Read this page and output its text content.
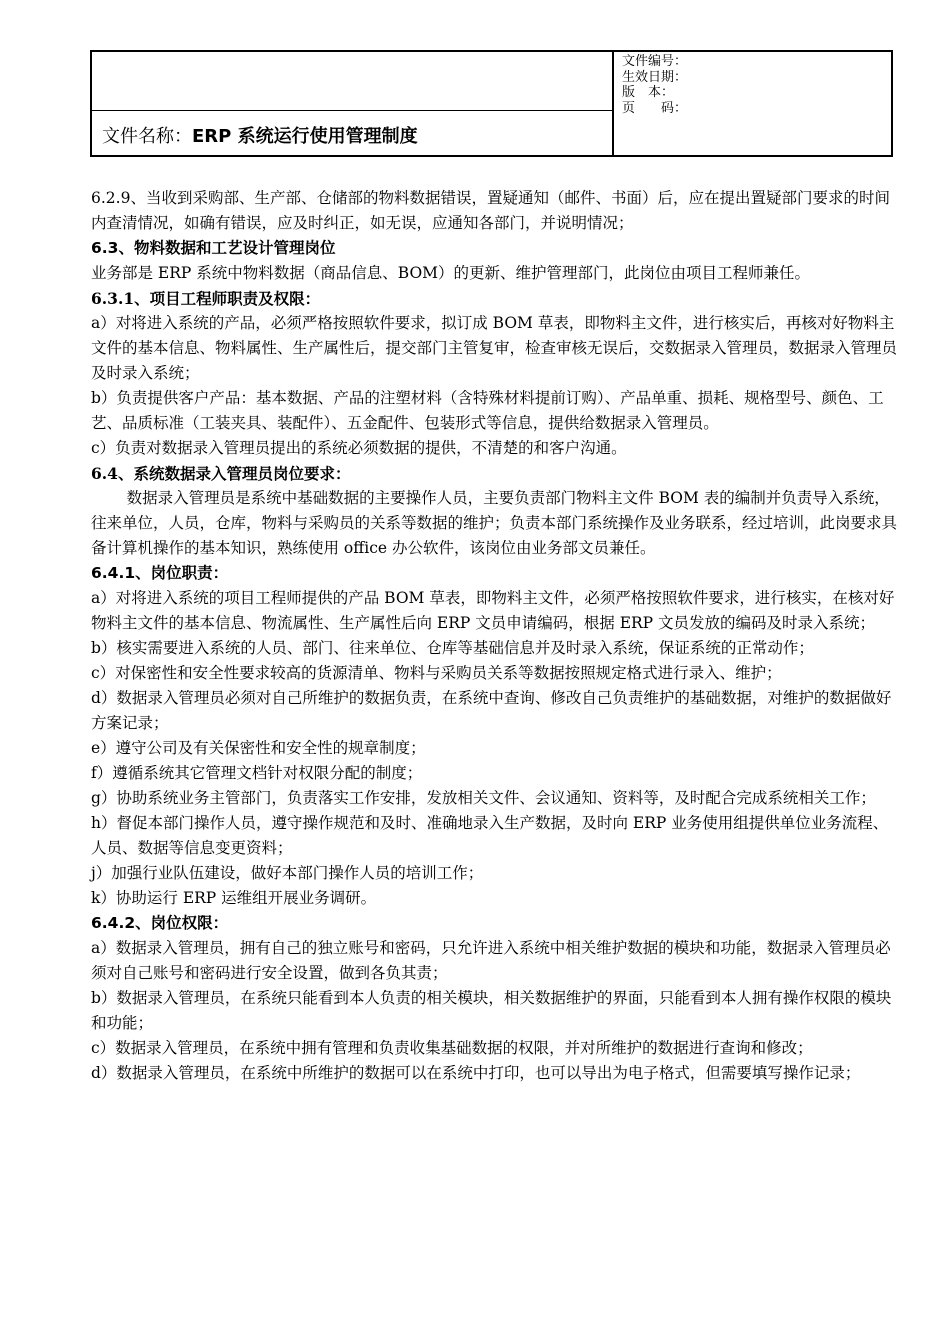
文件名称：ERP 系统运行使用管理制度
文件编号：
生效日期：
版　本：
页　　码：

6.2.9、当收到采购部、生产部、仓储部的物料数据错误，置疑通知（邮件、书面）后，应在提出置疑部门要求的时间内查清情况，如确有错误，应及时纠正，如无误，应通知各部门，并说明情况；

6.3、物料数据和工艺设计管理岗位

业务部是 ERP 系统中物料数据（商品信息、BOM）的更新、维护管理部门，此岗位由项目工程师兼任。

6.3.1、项目工程师职责及权限：

a）对将进入系统的产品，必须严格按照软件要求，拟订成 BOM 草表，即物料主文件，进行核实后，再核对好物料主文件的基本信息、物料属性、生产属性后，提交部门主管复审，检查审核无误后，交数据录入管理员，数据录入管理员及时录入系统；

b）负责提供客户产品：基本数据、产品的注塑材料（含特殊材料提前订购）、产品单重、损耗、规格型号、颜色、工艺、品质标准（工装夹具、装配件）、五金配件、包装形式等信息，提供给数据录入管理员。

c）负责对数据录入管理员提出的系统必须数据的提供，不清楚的和客户沟通。

6.4、系统数据录入管理员岗位要求：

数据录入管理员是系统中基础数据的主要操作人员，主要负责部门物料主文件 BOM 表的编制并负责导入系统，往来单位，人员，仓库，物料与采购员的关系等数据的维护；负责本部门系统操作及业务联系，经过培训，此岗要求具备计算机操作的基本知识，熟练使用 office 办公软件，该岗位由业务部文员兼任。

6.4.1、岗位职责：

a）对将进入系统的项目工程师提供的产品 BOM 草表，即物料主文件，必须严格按照软件要求，进行核实，在核对好物料主文件的基本信息、物流属性、生产属性后向 ERP 文员申请编码，根据 ERP 文员发放的编码及时录入系统；

b）核实需要进入系统的人员、部门、往来单位、仓库等基础信息并及时录入系统，保证系统的正常动作；

c）对保密性和安全性要求较高的货源清单、物料与采购员关系等数据按照规定格式进行录入、维护；

d）数据录入管理员必须对自己所维护的数据负责，在系统中查询、修改自己负责维护的基础数据，对维护的数据做好方案记录；

e）遵守公司及有关保密性和安全性的规章制度；

f）遵循系统其它管理文档针对权限分配的制度；

g）协助系统业务主管部门，负责落实工作安排，发放相关文件、会议通知、资料等，及时配合完成系统相关工作；

h）督促本部门操作人员，遵守操作规范和及时、准确地录入生产数据，及时向 ERP 业务使用组提供单位业务流程、人员、数据等信息变更资料；

j）加强行业队伍建设，做好本部门操作人员的培训工作；

k）协助运行 ERP 运维组开展业务调研。

6.4.2、岗位权限：

a）数据录入管理员，拥有自己的独立账号和密码，只允许进入系统中相关维护数据的模块和功能，数据录入管理员必须对自己账号和密码进行安全设置，做到各负其责；

b）数据录入管理员，在系统只能看到本人负责的相关模块，相关数据维护的界面，只能看到本人拥有操作权限的模块和功能；

c）数据录入管理员，在系统中拥有管理和负责收集基础数据的权限，并对所维护的数据进行查询和修改；

d）数据录入管理员，在系统中所维护的数据可以在系统中打印，也可以导出为电子格式，但需要填写操作记录；
